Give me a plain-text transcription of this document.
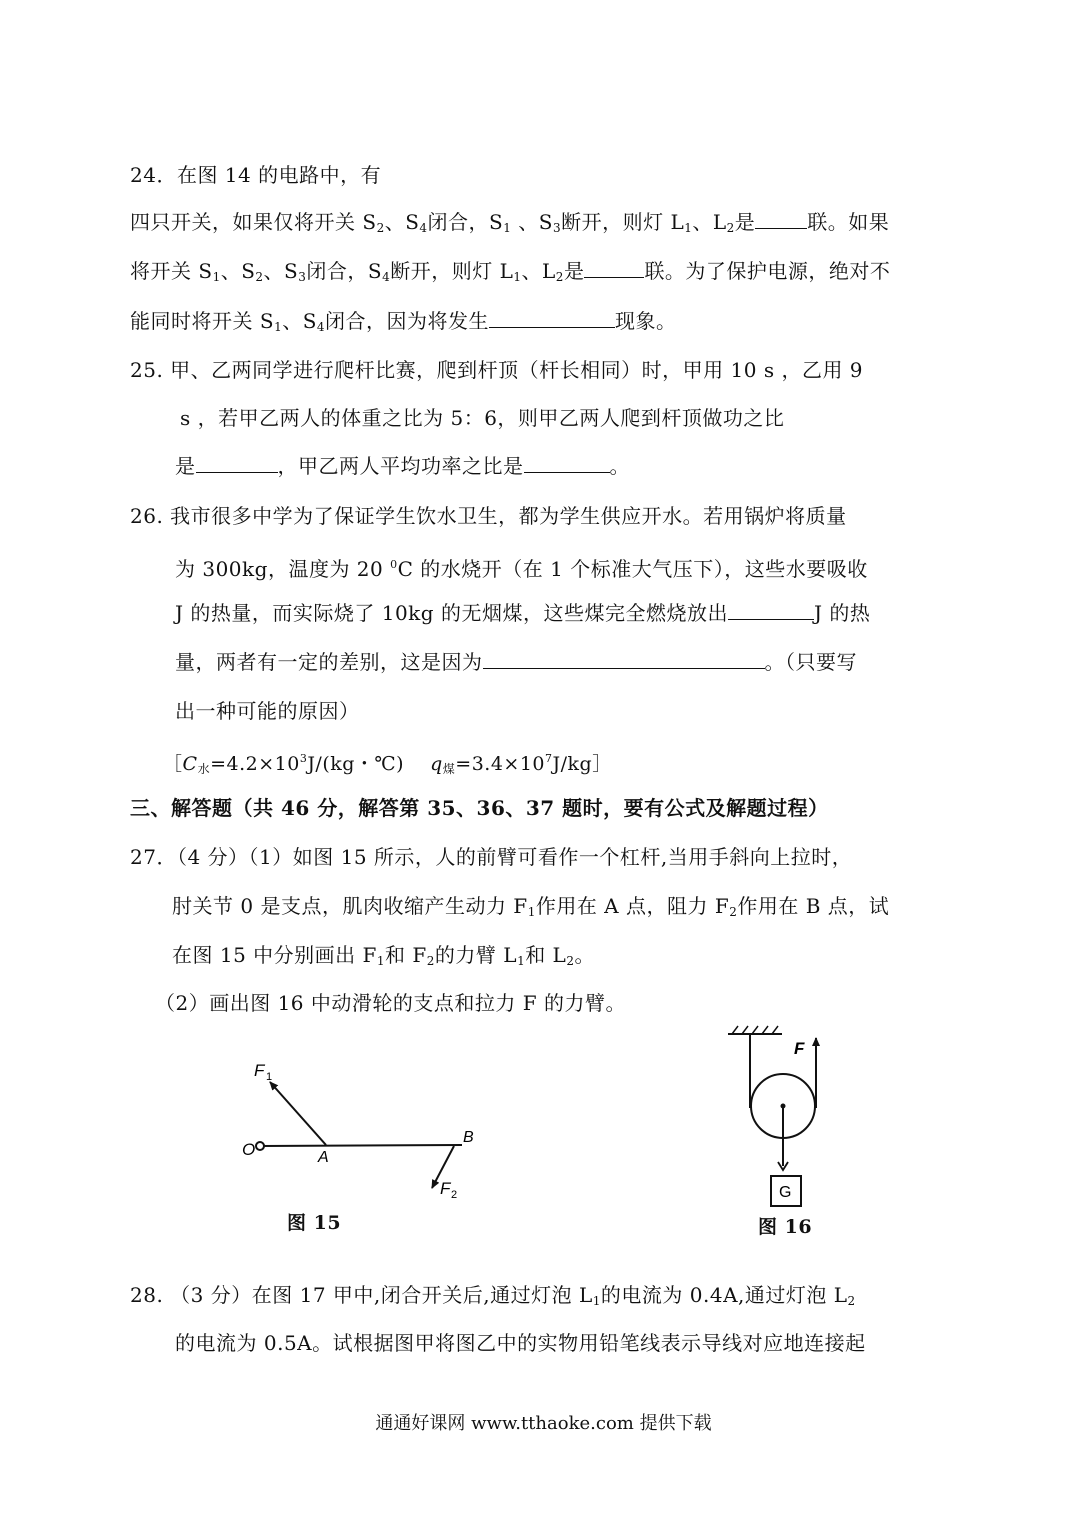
24．在图 14 的电路中，有
四只开关，如果仅将开关 $S_2$、$S_4$闭合，$S_1$ 、$S_3$断开，则灯 $L_1$、$L_2$是	联。如果
将开关 $S_1$、$S_2$、$S_3$闭合，$S_4$断开，则灯 $L_1$、$L_2$是	联。为了保护电源，绝对不
能同时将开关 $S_1$、$S_4$闭合，因为将发生	现象。
25. 甲、乙两同学进行爬杆比赛，爬到杆顶（杆长相同）时，甲用 10 s ，乙用 9
s ，若甲乙两人的体重之比为 5：6，则甲乙两人爬到杆顶做功之比
是	，甲乙两人平均功率之比是	。
26. 我市很多中学为了保证学生饮水卫生，都为学生供应开水。若用锅炉将质量
为 300kg，温度为 20 $^0$C 的水烧开（在 1 个标准大气压下），这些水要吸收
J 的热量，而实际烧了 10kg 的无烟煤，这些煤完全燃烧放出	J 的热
量，两者有一定的差别，这是因为	。（只要写
出一种可能的原因）
$[C_水=4.2\times 10^3J/(kg$・℃) $q_煤=3.4\times 10^7J/kg]$
三、解答题（共 46 分，解答第 35、36、37 题时，要有公式及解题过程）
27．（4 分）（1）如图 15 所示，人的前臂可看作一个杠杆,当用手斜向上拉时，
肘关节 0 是支点，肌肉收缩产生动力 $F_1$作用在 A 点，阻力 $F_2$作用在 B 点，试
在图 15 中分别画出 $F_1$和 $F_2$的力臂 $L_1$和 $L_2$。
（2）画出图 16 中动滑轮的支点和拉力 F 的力臂。
F 1
O	A
B
F 2
图 15
G
F
图 16
28. （3 分）在图 17 甲中,闭合开关后,通过灯泡 $L_1$的电流为 0.4A,通过灯泡 $L_2$
的电流为 0.5A。试根据图甲将图乙中的实物用铅笔线表示导线对应地连接起
通通好课网 www.tthaoke.com 提供下载
